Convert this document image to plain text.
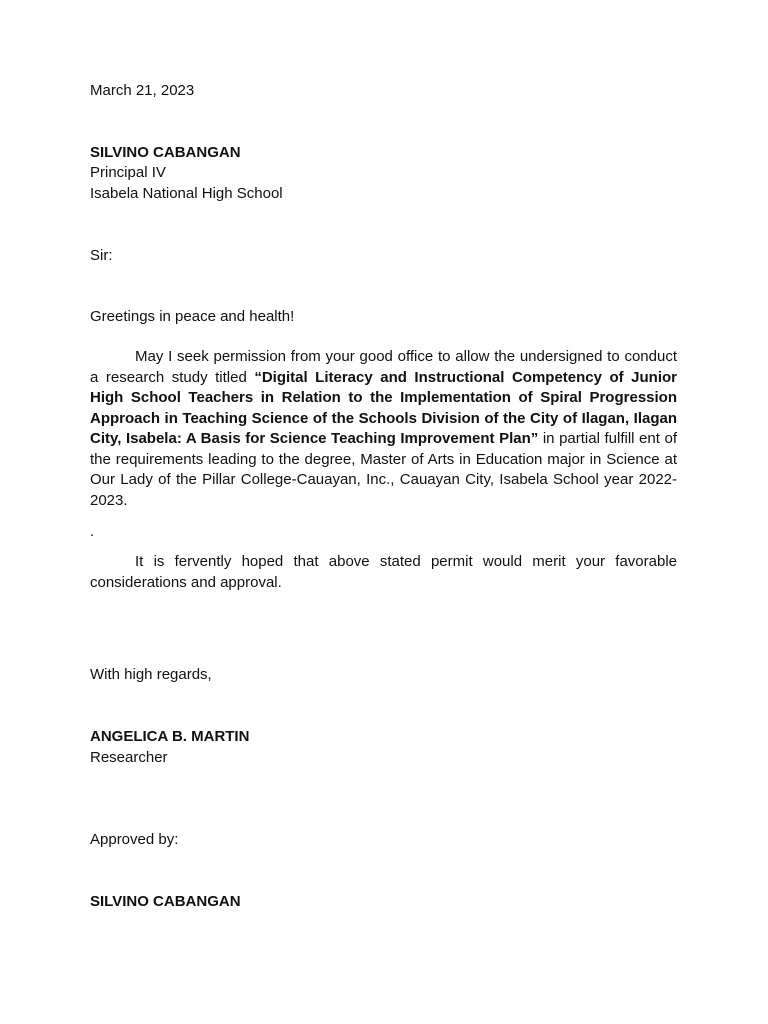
March 21, 2023
SILVINO CABANGAN
Principal IV
Isabela National High School
Sir:
Greetings in peace and health!
May I seek permission from your good office to allow the undersigned to conduct a research study titled “Digital Literacy and Instructional Competency of Junior High School Teachers in Relation to the Implementation of Spiral Progression Approach in Teaching Science of the Schools Division of the City of Ilagan, Ilagan City, Isabela: A Basis for Science Teaching Improvement Plan” in partial fulfill ent of the requirements leading to the degree, Master of Arts in Education major in Science at Our Lady of the Pillar College-Cauayan, Inc., Cauayan City, Isabela School year 2022-2023.
.
It is fervently hoped that above stated permit would merit your favorable considerations and approval.
With high regards,
ANGELICA B. MARTIN
Researcher
Approved by:
SILVINO CABANGAN
